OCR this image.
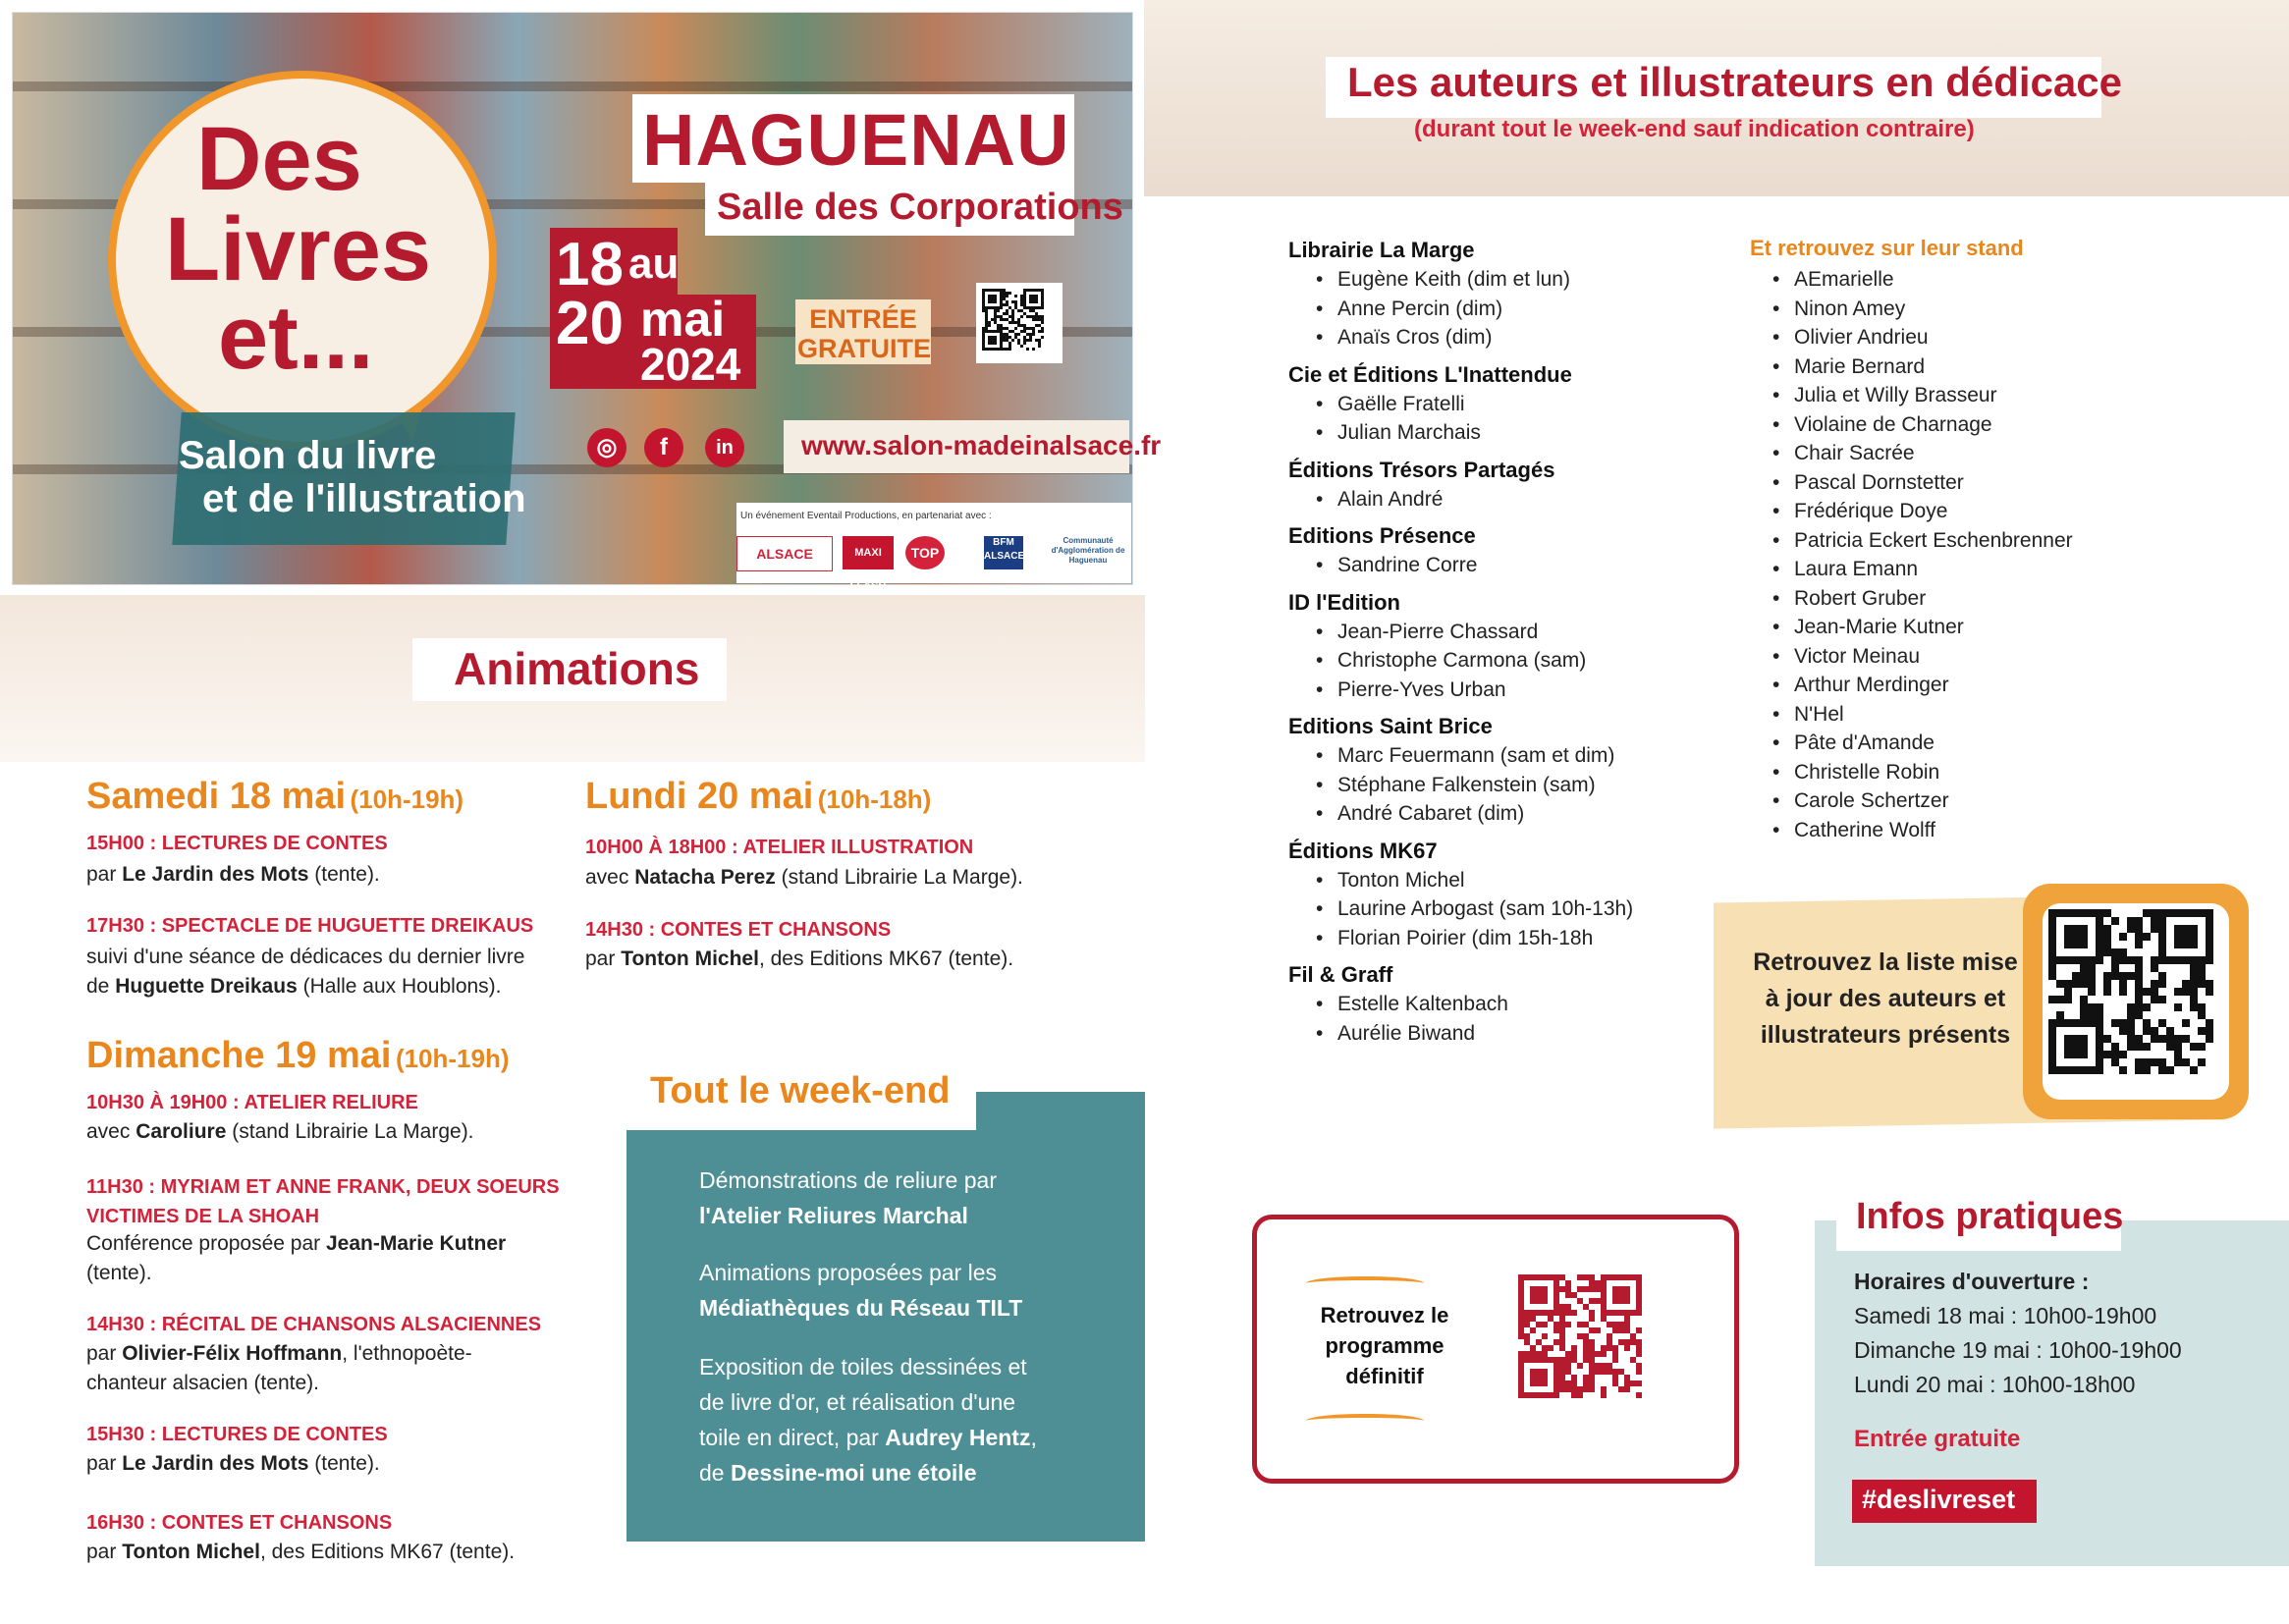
Des
Livres
et...
Salon du livre
et de l'illustration
HAGUENAU
Salle des Corporations
18 au
20 mai
2024
ENTRÉE
GRATUITE
◎	f	in	www.salon-madeinalsace.fr
Un événement Eventail Productions, en partenariat avec :
ALSACE	MAXI FLASH
TOP
BFM ALSACE
Communauté d'Agglomération de Haguenau
Animations
Samedi 18 mai (10h-19h)
15H00 : LECTURES DE CONTES
par Le Jardin des Mots (tente).
17H30 : SPECTACLE DE HUGUETTE DREIKAUS
suivi d'une séance de dédicaces du dernier livre
de Huguette Dreikaus (Halle aux Houblons).
Dimanche 19 mai (10h-19h)
10H30 À 19H00 : ATELIER RELIURE
avec Caroliure (stand Librairie La Marge).
11H30 : MYRIAM ET ANNE FRANK, DEUX SOEURS
VICTIMES DE LA SHOAH
Conférence proposée par Jean-Marie Kutner
(tente).
14H30 : RÉCITAL DE CHANSONS ALSACIENNES
par Olivier-Félix Hoffmann, l'ethnopoète-
chanteur alsacien (tente).
15H30 : LECTURES DE CONTES
par Le Jardin des Mots (tente).
16H30 : CONTES ET CHANSONS
par Tonton Michel, des Editions MK67 (tente).
Lundi 20 mai (10h-18h)
10H00 À 18H00 : ATELIER ILLUSTRATION
avec Natacha Perez (stand Librairie La Marge).
14H30 : CONTES ET CHANSONS
par Tonton Michel, des Editions MK67 (tente).
Tout le week-end
Démonstrations de reliure par
l'Atelier Reliures Marchal
Animations proposées par les
Médiathèques du Réseau TILT
Exposition de toiles dessinées et
de livre d'or, et réalisation d'une
toile en direct, par Audrey Hentz,
de Dessine-moi une étoile
Les auteurs et illustrateurs en dédicace
(durant tout le week-end sauf indication contraire)
Librairie La Marge
• Eugène Keith (dim et lun)
• Anne Percin (dim)
• Anaïs Cros (dim)
Cie et Éditions L'Inattendue
• Gaëlle Fratelli
• Julian Marchais
Éditions Trésors Partagés
• Alain André
Editions Présence
• Sandrine Corre
ID l'Edition
• Jean-Pierre Chassard
• Christophe Carmona (sam)
• Pierre-Yves Urban
Editions Saint Brice
• Marc Feuermann (sam et dim)
• Stéphane Falkenstein (sam)
• André Cabaret (dim)
Éditions MK67
• Tonton Michel
• Laurine Arbogast (sam 10h-13h)
• Florian Poirier (dim 15h-18h
Fil & Graff
• Estelle Kaltenbach
• Aurélie Biwand
Et retrouvez sur leur stand
• AEmarielle
• Ninon Amey
• Olivier Andrieu
• Marie Bernard
• Julia et Willy Brasseur
• Violaine de Charnage
• Chair Sacrée
• Pascal Dornstetter
• Frédérique Doye
• Patricia Eckert Eschenbrenner
• Laura Emann
• Robert Gruber
• Jean-Marie Kutner
• Victor Meinau
• Arthur Merdinger
• N'Hel
• Pâte d'Amande
• Christelle Robin
• Carole Schertzer
• Catherine Wolff
Retrouvez la liste mise
à jour des auteurs et
illustrateurs présents
Retrouvez le
programme
définitif
Infos pratiques
Horaires d'ouverture :
Samedi 18 mai : 10h00-19h00
Dimanche 19 mai : 10h00-19h00
Lundi 20 mai : 10h00-18h00
Entrée gratuite
#deslivreset
